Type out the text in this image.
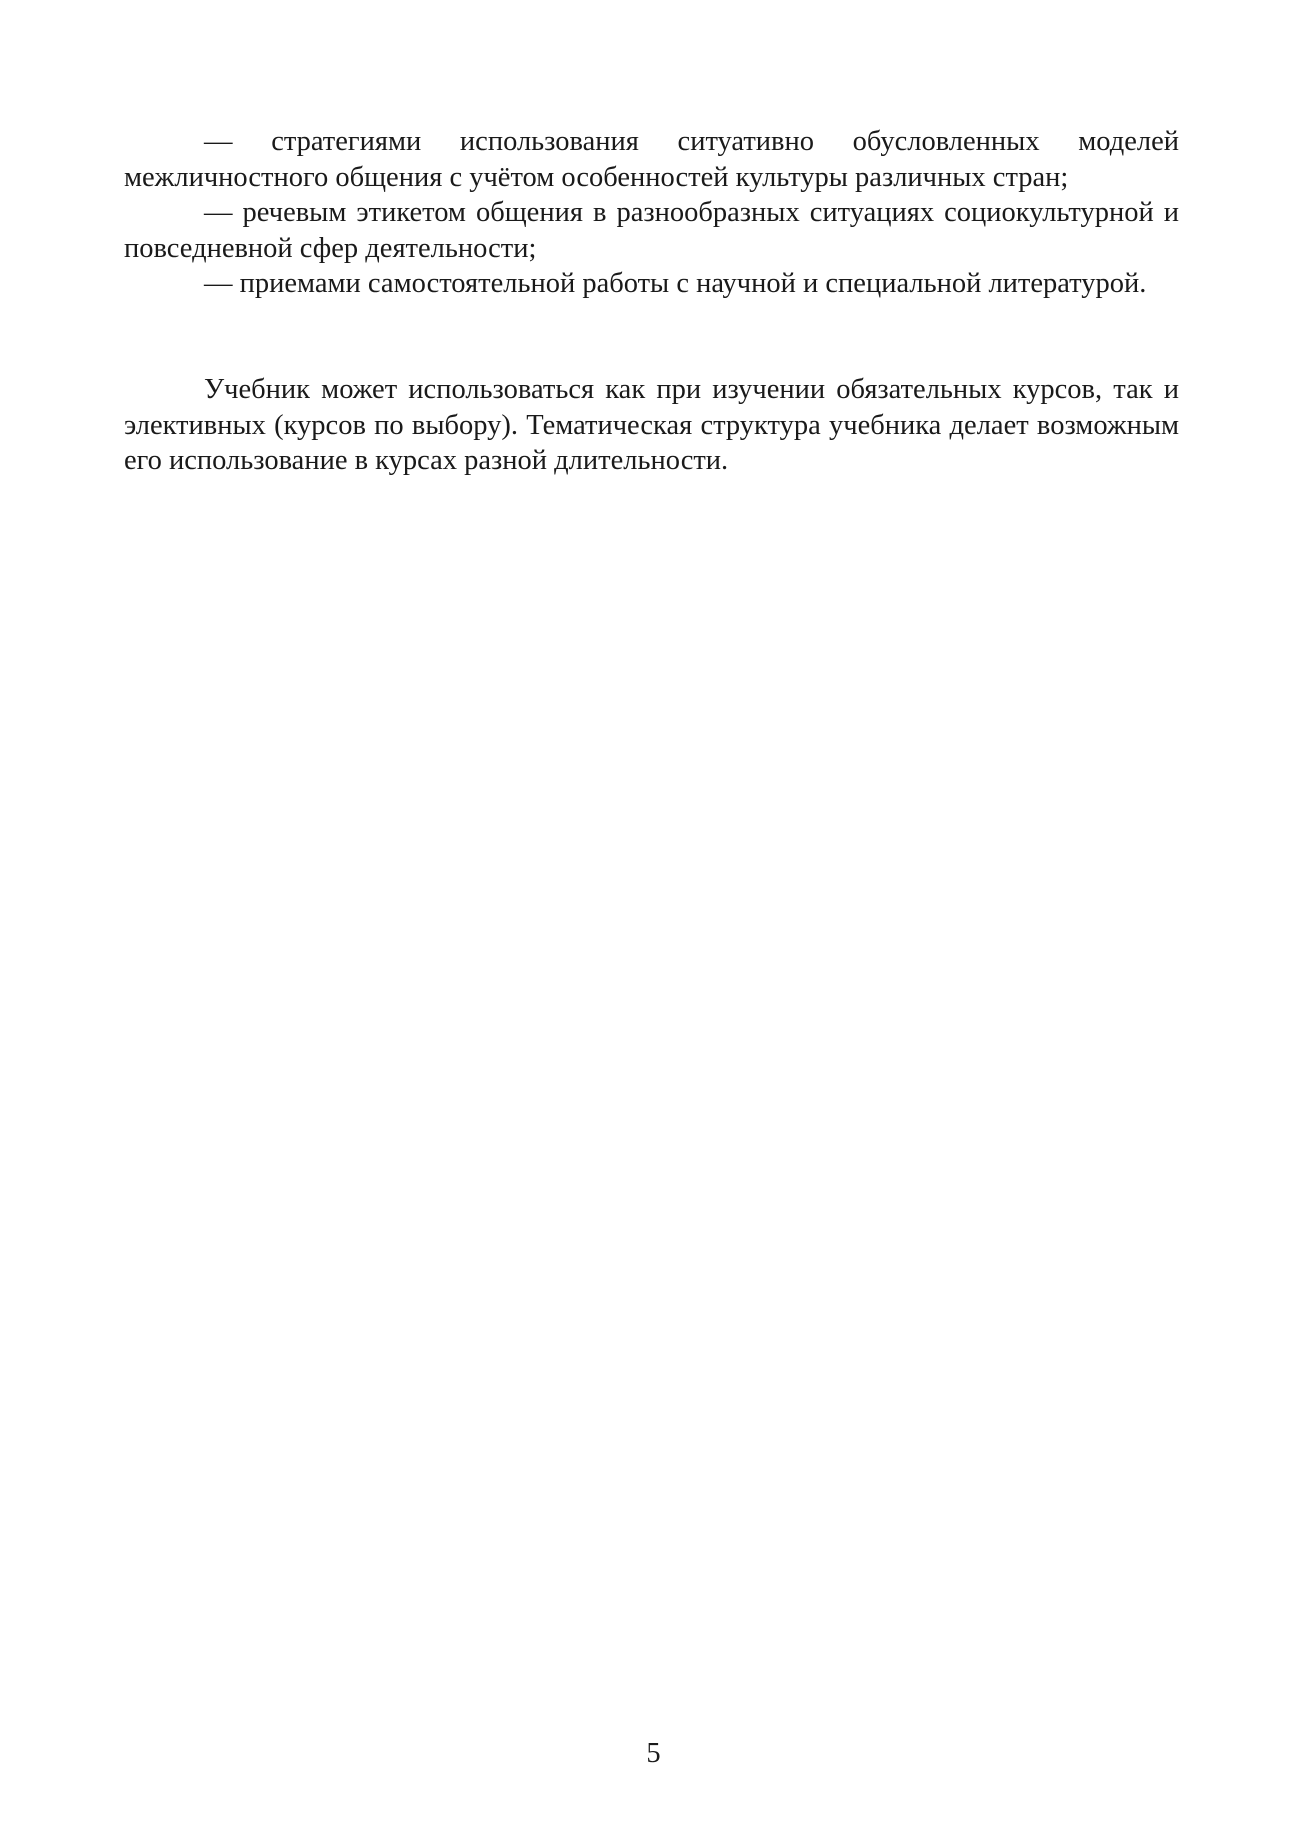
— стратегиями использования ситуативно обусловленных моделей межличностного общения с учётом особенностей культуры различных стран;

— речевым этикетом общения в разнообразных ситуациях социокультурной и повседневной сфер деятельности;

— приемами самостоятельной работы с научной и специальной литературой.

Учебник может использоваться как при изучении обязательных курсов, так и элективных (курсов по выбору). Тематическая структура учебника делает возможным его использование в курсах разной длительности.

5
